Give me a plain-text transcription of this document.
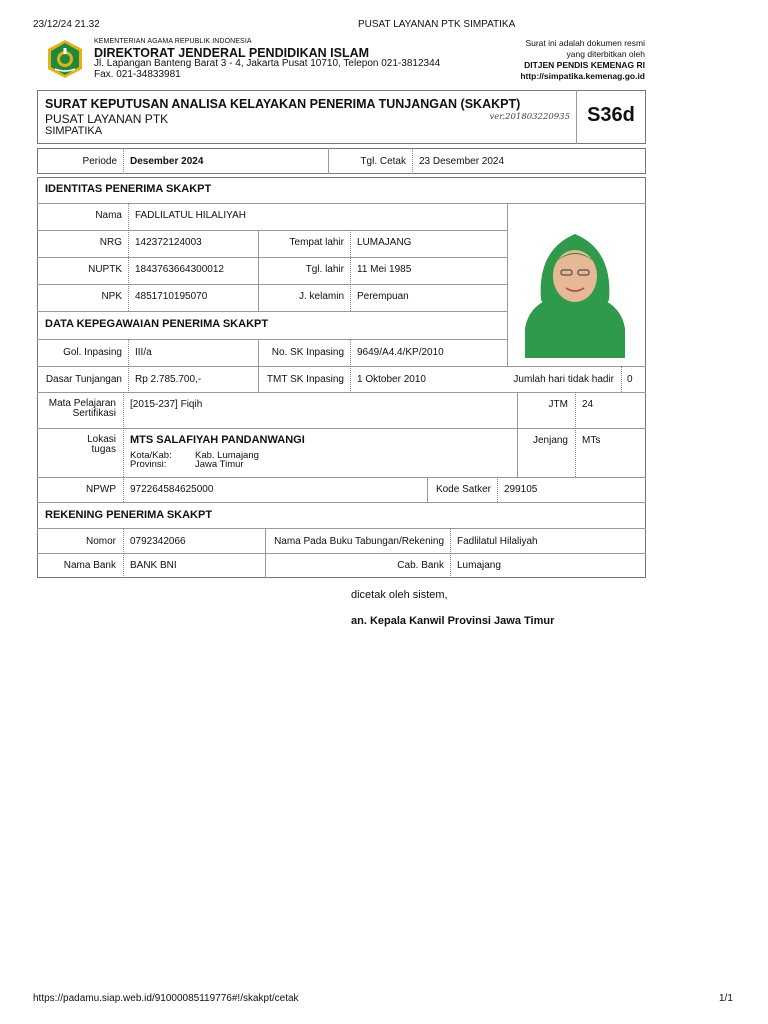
23/12/24 21.32	PUSAT LAYANAN PTK SIMPATIKA
https://padamu.siap.web.id/91000085119776#!/skakpt/cetak	1/1
KEMENTERIAN AGAMA REPUBLIK INDONESIA
DIREKTORAT JENDERAL PENDIDIKAN ISLAM
Jl. Lapangan Banteng Barat 3 - 4, Jakarta Pusat 10710, Telepon 021-3812344
Fax. 021-34833981
Surat ini adalah dokumen resmi
yang diterbitkan oleh
DITJEN PENDIS KEMENAG RI
http://simpatika.kemenag.go.id
SURAT KEPUTUSAN ANALISA KELAYAKAN PENERIMA TUNJANGAN (SKAKPT)
PUSAT LAYANAN PTK
SIMPATIKA
ver.201803220935 S36d
Periode Desember 2024	Tgl. Cetak 23 Desember 2024
IDENTITAS PENERIMA SKAKPT
Nama FADLILATUL HILALIYAH
NRG 142372124003	Tempat lahir LUMAJANG
NUPTK 1843763664300012	Tgl. lahir 11 Mei 1985
NPK 4851710195070	J. kelamin Perempuan
DATA KEPEGAWAIAN PENERIMA SKAKPT
Gol. Inpasing III/a	No. SK Inpasing 9649/A4.4/KP/2010
Dasar Tunjangan Rp 2.785.700,-	TMT SK Inpasing 1 Oktober 2010	Jumlah hari tidak hadir 0
Mata Pelajaran
Sertifikasi
[2015-237] Fiqih	JTM 24
Lokasi
tugas
MTS SALAFIYAH PANDANWANGI
Kota/Kab: Kab. Lumajang
Provinsi:	Jawa Timur
Jenjang MTs
NPWP 972264584625000	Kode Satker 299105
REKENING PENERIMA SKAKPT
Nomor 0792342066	Nama Pada Buku Tabungan/Rekening Fadlilatul Hilaliyah
Nama Bank BANK BNI	Cab. Bank Lumajang
dicetak oleh sistem,
an. Kepala Kanwil Provinsi Jawa Timur
